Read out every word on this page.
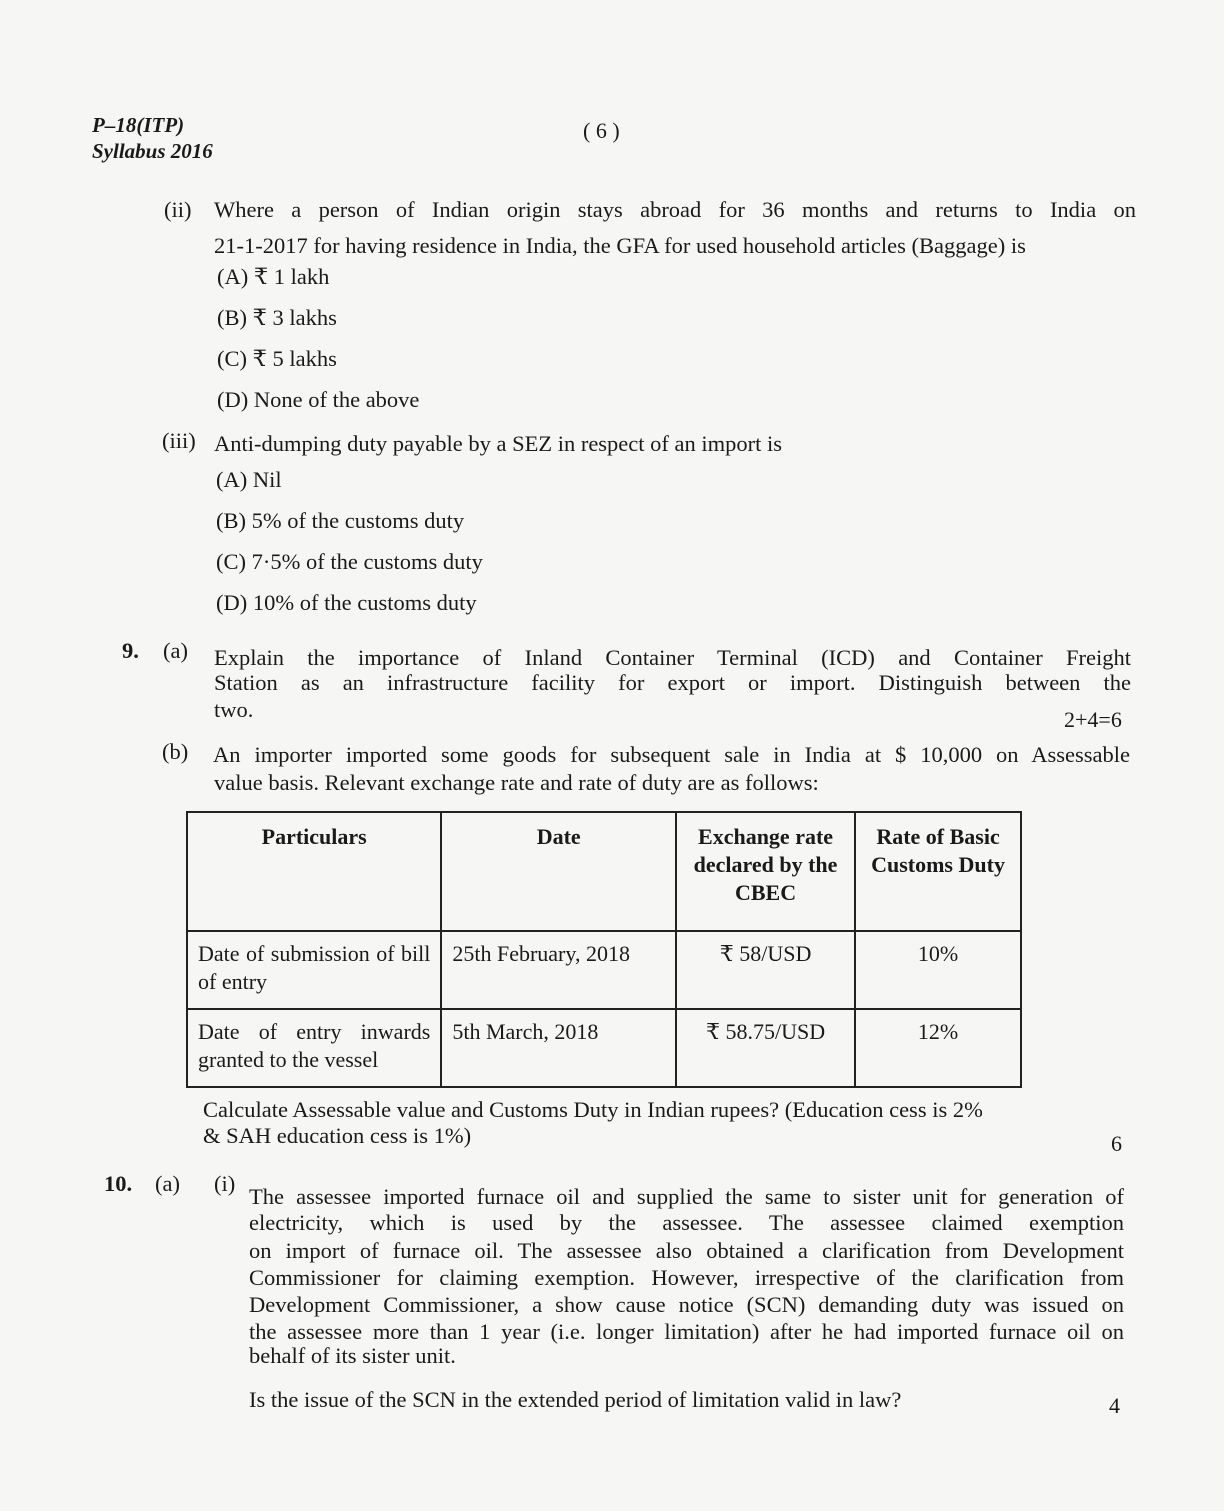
P–18(ITP)
Syllabus 2016
( 6 )
(ii) Where a person of Indian origin stays abroad for 36 months and returns to India on
21-1-2017 for having residence in India, the GFA for used household articles (Baggage) is
(A) ₹ 1 lakh
(B) ₹ 3 lakhs
(C) ₹ 5 lakhs
(D) None of the above
(iii) Anti-dumping duty payable by a SEZ in respect of an import is
(A) Nil
(B) 5% of the customs duty
(C) 7·5% of the customs duty
(D) 10% of the customs duty
9. (a) Explain the importance of Inland Container Terminal (ICD) and Container Freight
Station as an infrastructure facility for export or import. Distinguish between the
two.	2+4=6
(b) An importer imported some goods for subsequent sale in India at $ 10,000 on Assessable
value basis. Relevant exchange rate and rate of duty are as follows:
Particulars	Date	Exchange rate declared by the CBEC	Rate of Basic Customs Duty
Date of submission of bill of entry	25th February, 2018	₹ 58/USD	10%
Date of entry inwards granted to the vessel	5th March, 2018	₹ 58.75/USD	12%
Calculate Assessable value and Customs Duty in Indian rupees? (Education cess is 2%
& SAH education cess is 1%)	6
10. (a) (i)
The assessee imported furnace oil and supplied the same to sister unit for generation of
electricity, which is used by the assessee. The assessee claimed exemption
on import of furnace oil. The assessee also obtained a clarification from Development
Commissioner for claiming exemption. However, irrespective of the clarification from
Development Commissioner, a show cause notice (SCN) demanding duty was issued on
the assessee more than 1 year (i.e. longer limitation) after he had imported furnace oil on
behalf of its sister unit.
Is the issue of the SCN in the extended period of limitation valid in law?	4
